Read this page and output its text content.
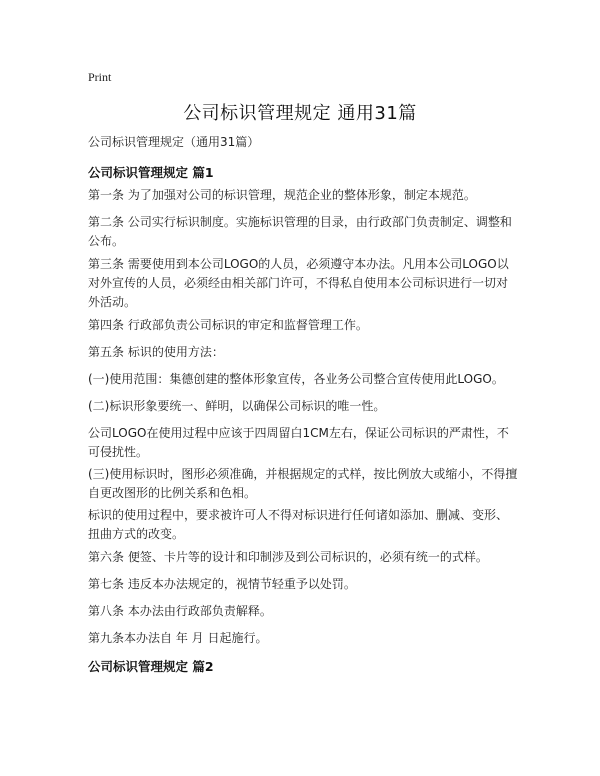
Print
公司标识管理规定 通用31篇
公司标识管理规定（通用31篇）
公司标识管理规定 篇1
第一条 为了加强对公司的标识管理，规范企业的整体形象，制定本规范。
第二条 公司实行标识制度。实施标识管理的目录，由行政部门负责制定、调整和公布。
第三条 需要使用到本公司LOGO的人员，必须遵守本办法。凡用本公司LOGO以对外宣传的人员，必须经由相关部门许可，不得私自使用本公司标识进行一切对外活动。
第四条 行政部负责公司标识的审定和监督管理工作。
第五条 标识的使用方法：
(一)使用范围：集德创建的整体形象宣传，各业务公司整合宣传使用此LOGO。
(二)标识形象要统一、鲜明，以确保公司标识的唯一性。
公司LOGO在使用过程中应该于四周留白1CM左右，保证公司标识的严肃性，不可侵扰性。
(三)使用标识时，图形必须准确，并根据规定的式样，按比例放大或缩小，不得擅自更改图形的比例关系和色相。
标识的使用过程中，要求被许可人不得对标识进行任何诸如添加、删减、变形、扭曲方式的改变。
第六条 便签、卡片等的设计和印制涉及到公司标识的，必须有统一的式样。
第七条 违反本办法规定的，视情节轻重予以处罚。
第八条 本办法由行政部负责解释。
第九条本办法自 年 月 日起施行。
公司标识管理规定 篇2
